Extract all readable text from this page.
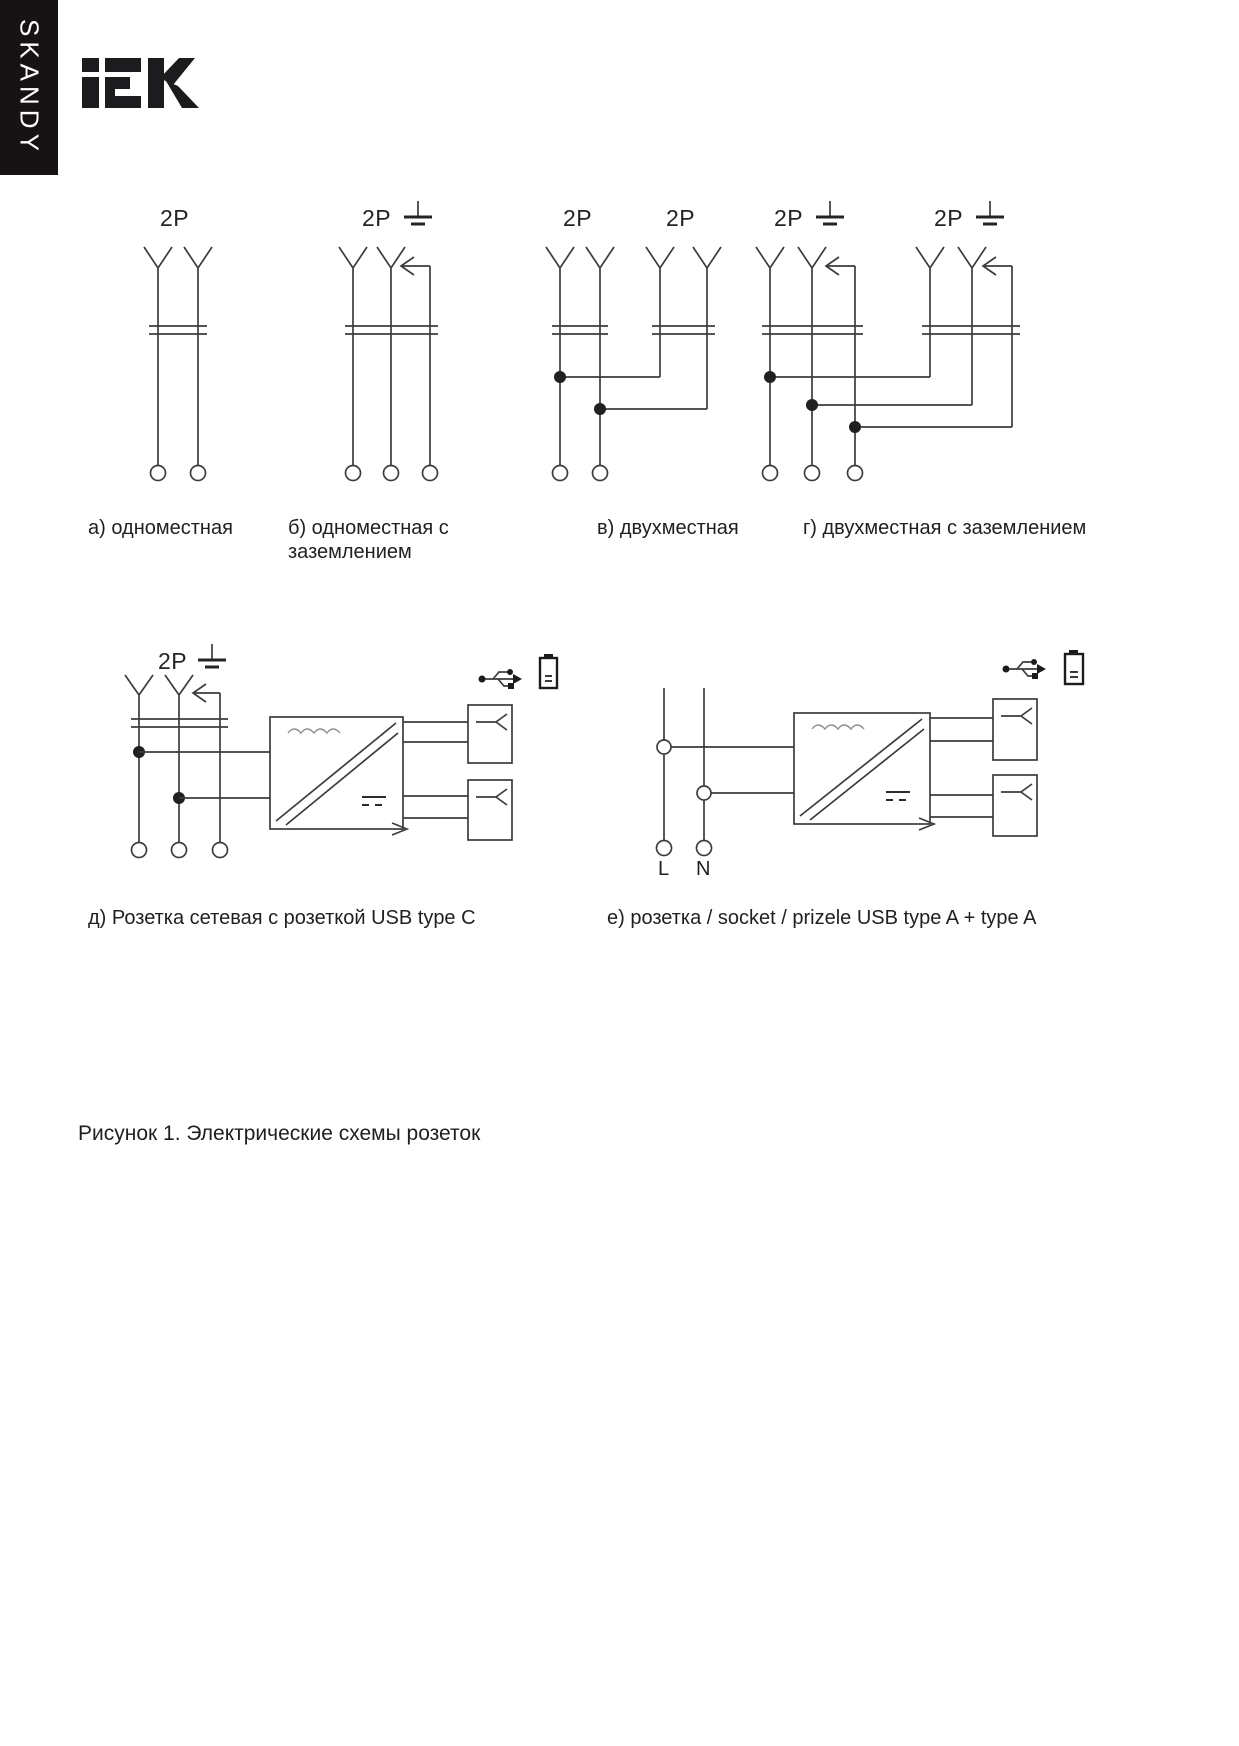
SKANDY
2P	2P	2P	2P	2P	2P
2P
а) одноместная	б) одноместная с заземлением
в) двухместная	г) двухместная с заземлением
д) Розетка сетевая с розеткой USB type C	е) розетка / socket / prizele USB type A + type A
L N
Рисунок 1. Электрические схемы розеток
